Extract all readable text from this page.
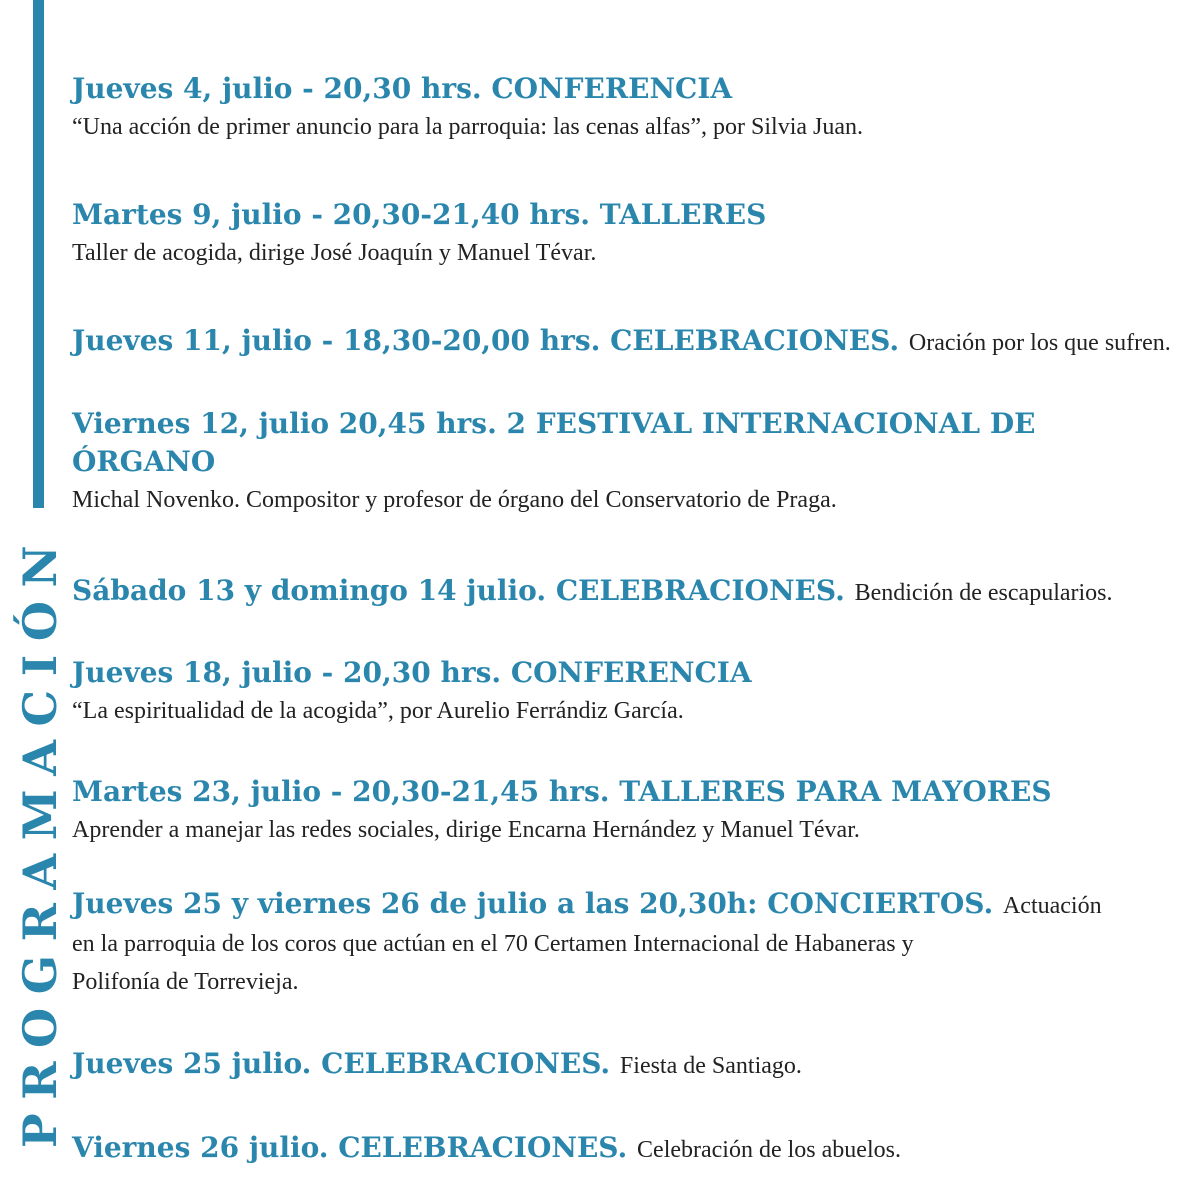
PROGRAMACIÓN
Jueves 4, julio - 20,30 hrs. CONFERENCIA
“Una acción de primer anuncio para la parroquia: las cenas alfas”, por Silvia Juan.
Martes 9, julio - 20,30-21,40 hrs. TALLERES
Taller de acogida, dirige José Joaquín y Manuel Tévar.
Jueves 11, julio - 18,30-20,00 hrs. CELEBRACIONES. Oración por los que sufren.
Viernes 12, julio 20,45 hrs. 2 FESTIVAL INTERNACIONAL DE
ÓRGANO
Michal Novenko. Compositor y profesor de órgano del Conservatorio de Praga.
Sábado 13 y domingo 14 julio. CELEBRACIONES. Bendición de escapularios.
Jueves 18, julio - 20,30 hrs. CONFERENCIA
“La espiritualidad de la acogida”, por Aurelio Ferrándiz García.
Martes 23, julio - 20,30-21,45 hrs. TALLERES PARA MAYORES
Aprender a manejar las redes sociales, dirige Encarna Hernández y Manuel Tévar.
Jueves 25 y viernes 26 de julio a las 20,30h: CONCIERTOS. Actuación
en la parroquia de los coros que actúan en el 70 Certamen Internacional de Habaneras y
Polifonía de Torrevieja.
Jueves 25 julio. CELEBRACIONES. Fiesta de Santiago.
Viernes 26 julio. CELEBRACIONES. Celebración de los abuelos.
